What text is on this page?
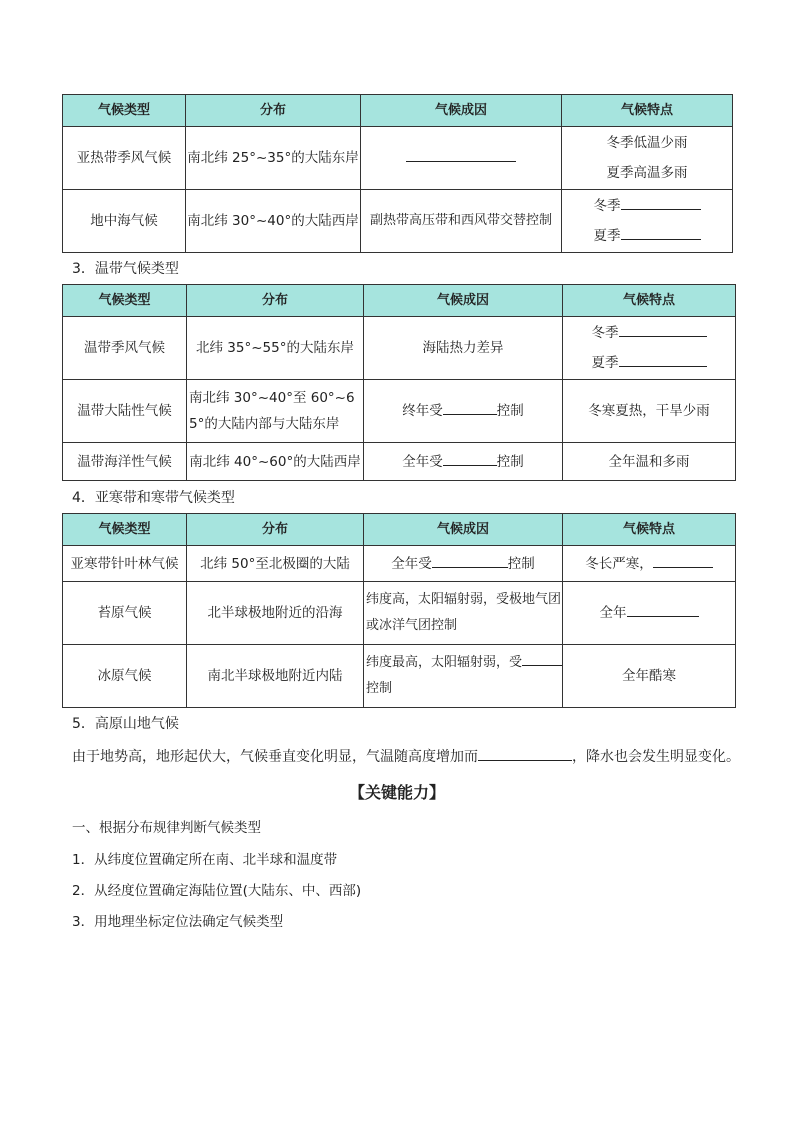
气候类型	分布	气候成因	气候特点
亚热带季风气候	南北纬 25°~35°的大陆东岸		冬季低温少雨
夏季高温多雨

地中海气候	南北纬 30°~40°的大陆西岸	副热带高压带和西风带交替控制	冬季
夏季
3．温带气候类型
气候类型	分布	气候成因	气候特点
温带季风气候	北纬 35°~55°的大陆东岸	海陆热力差异	冬季
夏季

温带大陆性气候	南北纬 30°~40°至 60°~65°的大陆内部与大陆东岸	终年受 控制	冬寒夏热，干旱少雨
温带海洋性气候	南北纬 40°~60°的大陆西岸	全年受 控制	全年温和多雨
4．亚寒带和寒带气候类型
气候类型	分布	气候成因	气候特点
亚寒带针叶林气候	北纬 50°至北极圈的大陆	全年受 控制	冬长严寒，
苔原气候	北半球极地附近的沿海	纬度高，太阳辐射弱，受极地气团或冰洋气团控制	全年
冰原气候	南北半球极地附近内陆	纬度最高，太阳辐射弱，受
控制	全年酷寒
5．高原山地气候
由于地势高，地形起伏大，气候垂直变化明显，气温随高度增加而	，降水也会发生明显变化。
【关键能力】
一、根据分布规律判断气候类型
1．从纬度位置确定所在南、北半球和温度带
2．从经度位置确定海陆位置(大陆东、中、西部)
3．用地理坐标定位法确定气候类型
